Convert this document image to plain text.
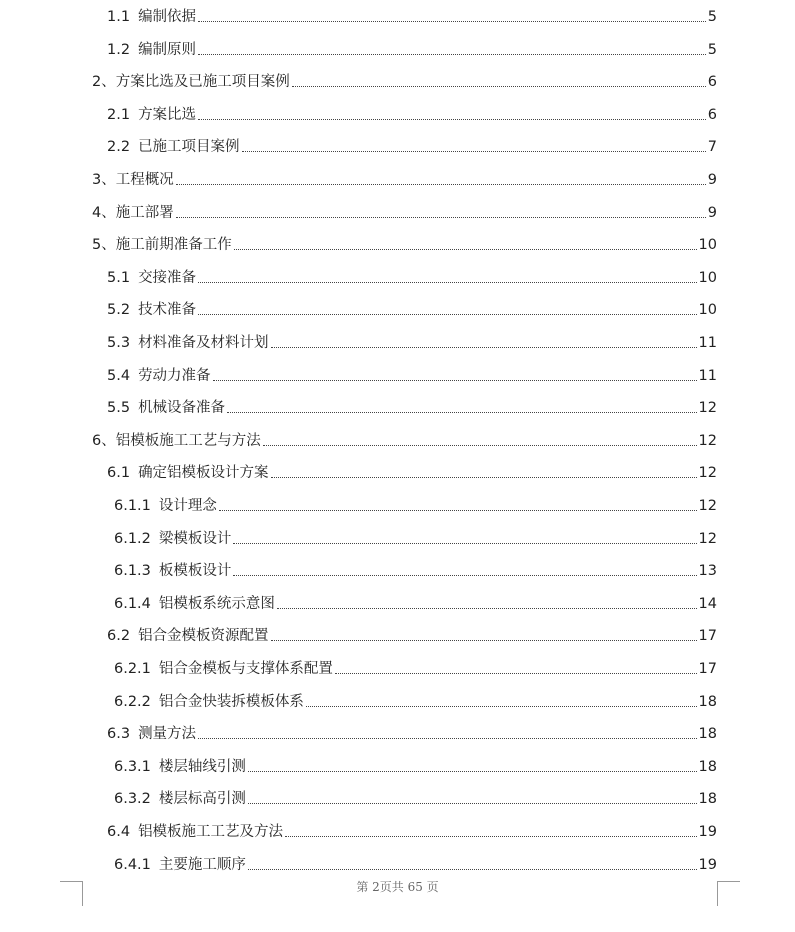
1.1 编制依据	5
1.2 编制原则	5
2、方案比选及已施工项目案例	6
2.1 方案比选	6
2.2 已施工项目案例	7
3、工程概况	9
4、施工部署	9
5、施工前期准备工作	10
5.1 交接准备	10
5.2 技术准备	10
5.3 材料准备及材料计划	11
5.4 劳动力准备	11
5.5 机械设备准备	12
6、铝模板施工工艺与方法	12
6.1 确定铝模板设计方案	12
6.1.1 设计理念	12
6.1.2 梁模板设计	12
6.1.3 板模板设计	13
6.1.4 铝模板系统示意图	14
6.2 铝合金模板资源配置	17
6.2.1 铝合金模板与支撑体系配置	17
6.2.2 铝合金快装拆模板体系	18
6.3 测量方法	18
6.3.1 楼层轴线引测	18
6.3.2 楼层标高引测	18
6.4 铝模板施工工艺及方法	19
6.4.1 主要施工顺序	19
第 2页共 65 页
